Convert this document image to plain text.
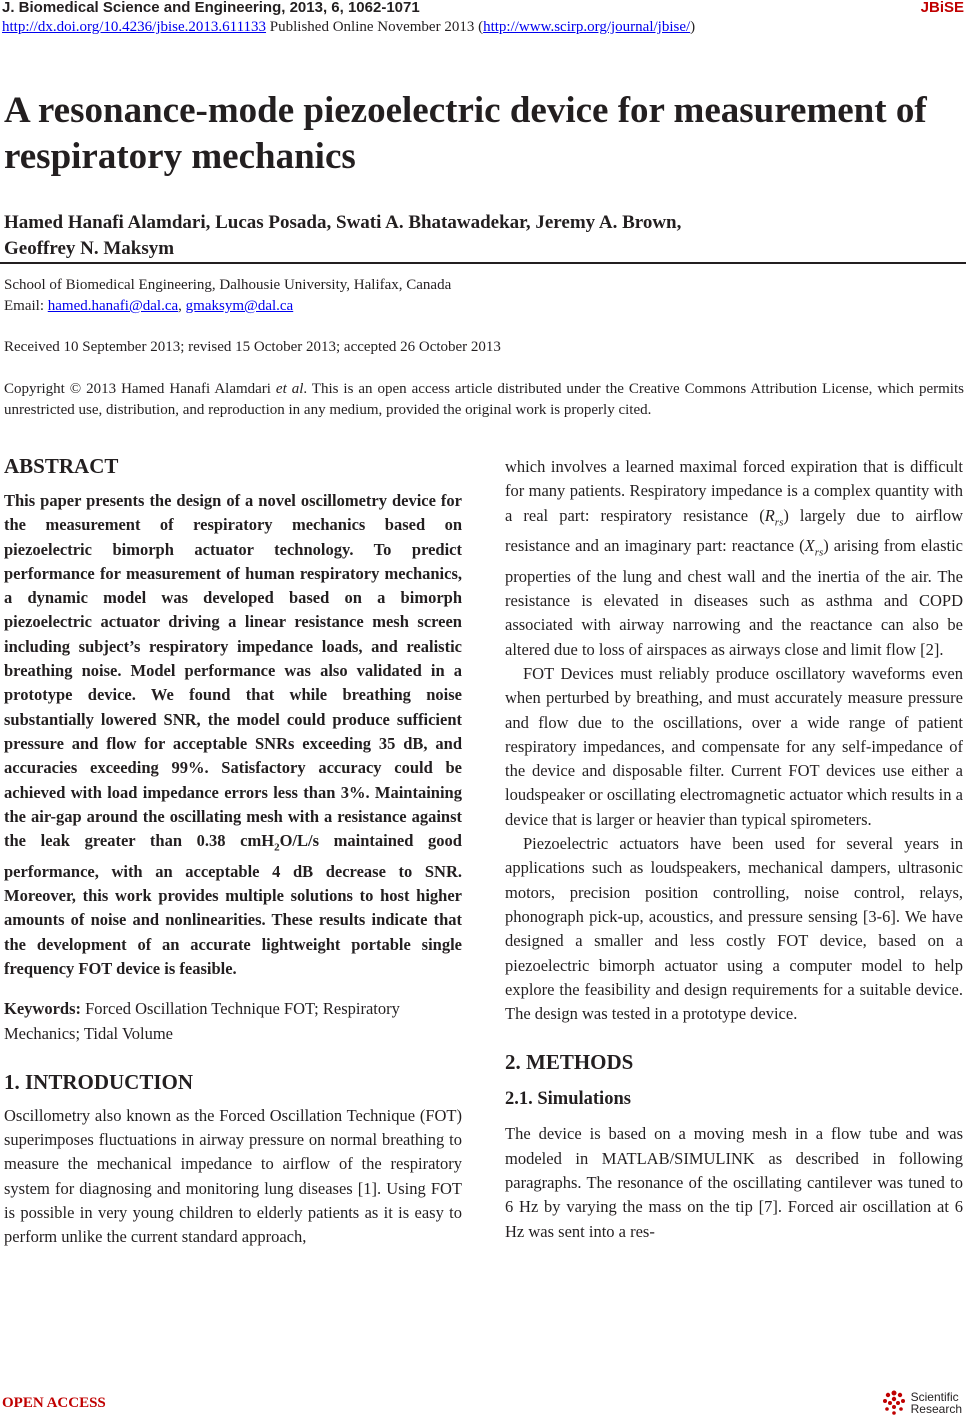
J. Biomedical Science and Engineering, 2013, 6, 1062-1071	JBiSE
http://dx.doi.org/10.4236/jbise.2013.611133 Published Online November 2013 (http://www.scirp.org/journal/jbise/)
A resonance-mode piezoelectric device for measurement of respiratory mechanics
Hamed Hanafi Alamdari, Lucas Posada, Swati A. Bhatawadekar, Jeremy A. Brown,
Geoffrey N. Maksym
School of Biomedical Engineering, Dalhousie University, Halifax, Canada
Email: hamed.hanafi@dal.ca, gmaksym@dal.ca
Received 10 September 2013; revised 15 October 2013; accepted 26 October 2013
Copyright © 2013 Hamed Hanafi Alamdari et al. This is an open access article distributed under the Creative Commons Attribution License, which permits unrestricted use, distribution, and reproduction in any medium, provided the original work is properly cited.
ABSTRACT

This paper presents the design of a novel oscillometry device for the measurement of respiratory mechanics based on piezoelectric bimorph actuator technology. To predict performance for measurement of human respiratory mechanics, a dynamic model was developed based on a bimorph piezoelectric actuator driving a linear resistance mesh screen including subject’s respiratory impedance loads, and realistic breathing noise. Model performance was also validated in a prototype device. We found that while breathing noise substantially lowered SNR, the model could produce sufficient pressure and flow for acceptable SNRs exceeding 35 dB, and accuracies exceeding 99%. Satisfactory accuracy could be achieved with load impedance errors less than 3%. Maintaining the air-gap around the oscillating mesh with a resistance against the leak greater than 0.38 cmH$_2$O/L/s maintained good performance, with an acceptable 4 dB decrease to SNR. Moreover, this work provides multiple solutions to host higher amounts of noise and nonlinearities. These results indicate that the development of an accurate lightweight portable single frequency FOT device is feasible.

Keywords: Forced Oscillation Technique FOT; Respiratory Mechanics; Tidal Volume

1. INTRODUCTION

Oscillometry also known as the Forced Oscillation Technique (FOT) superimposes fluctuations in airway pressure on normal breathing to measure the mechanical impedance to airflow of the respiratory system for diagnosing and monitoring lung diseases [1]. Using FOT is possible in very young children to elderly patients as it is easy to perform unlike the current standard approach,

which involves a learned maximal forced expiration that is difficult for many patients. Respiratory impedance is a complex quantity with a real part: respiratory resistance $(R_{rs})$ largely due to airflow resistance and an imaginary part: reactance $(X_{rs})$ arising from elastic properties of the lung and chest wall and the inertia of the air. The resistance is elevated in diseases such as asthma and COPD associated with airway narrowing and the reactance can also be altered due to loss of airspaces as airways close and limit flow [2].

FOT Devices must reliably produce oscillatory waveforms even when perturbed by breathing, and must accurately measure pressure and flow due to the oscillations, over a wide range of patient respiratory impedances, and compensate for any self-impedance of the device and disposable filter. Current FOT devices use either a loudspeaker or oscillating electromagnetic actuator which results in a device that is larger or heavier than typical spirometers.

Piezoelectric actuators have been used for several years in applications such as loudspeakers, mechanical dampers, ultrasonic motors, precision position controlling, noise control, relays, phonograph pick-up, acoustics, and pressure sensing [3-6]. We have designed a smaller and less costly FOT device, based on a piezoelectric bimorph actuator using a computer model to help explore the feasibility and design requirements for a suitable device. The design was tested in a prototype device.

2. METHODS
2.1. Simulations

The device is based on a moving mesh in a flow tube and was modeled in MATLAB/SIMULINK as described in following paragraphs. The resonance of the oscillating cantilever was tuned to 6 Hz by varying the mass on the tip [7]. Forced air oscillation at 6 Hz was sent into a res-

OPEN ACCESS	Scientific
Research
